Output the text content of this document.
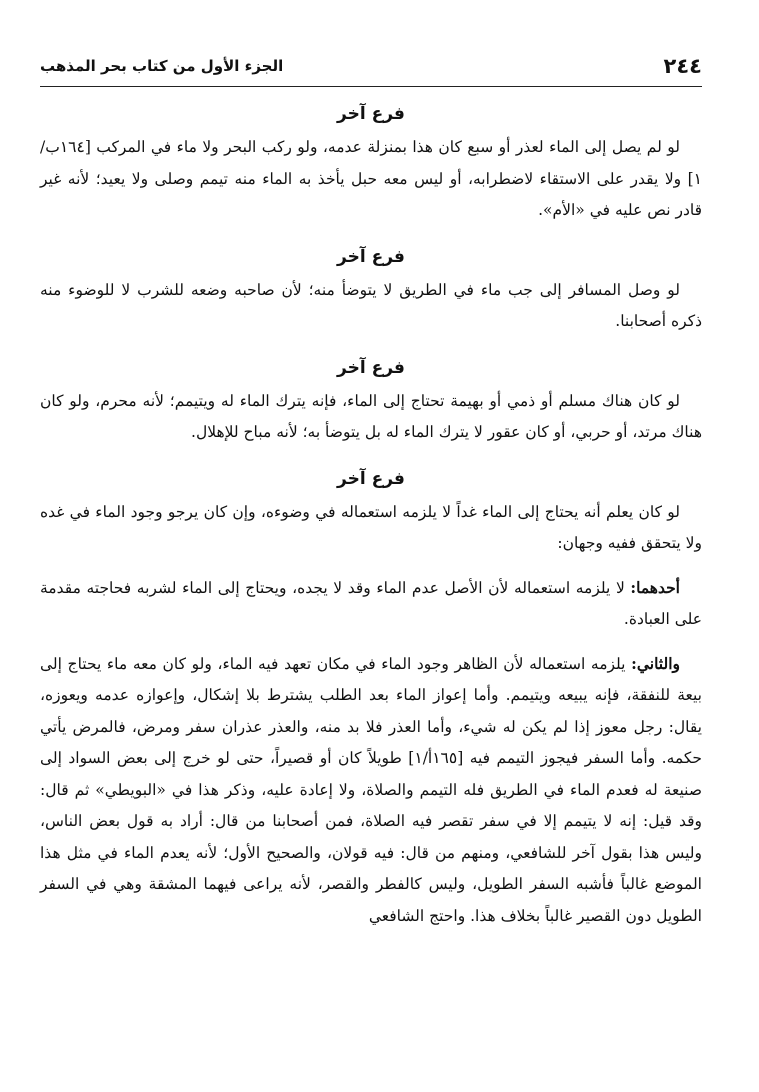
٢٤٤
الجزء الأول من كتاب بحر المذهب
فرع آخر

لو لم يصل إلى الماء لعذر أو سبع كان هذا بمنزلة عدمه، ولو ركب البحر ولا ماء في المركب [١٦٤ب/١] ولا يقدر على الاستقاء لاضطرابه، أو ليس معه حبل يأخذ به الماء منه تيمم وصلى ولا يعيد؛ لأنه غير قادر نص عليه في «الأم».

فرع آخر

لو وصل المسافر إلى جب ماء في الطريق لا يتوضأ منه؛ لأن صاحبه وضعه للشرب لا للوضوء منه ذكره أصحابنا.

فرع آخر

لو كان هناك مسلم أو ذمي أو بهيمة تحتاج إلى الماء، فإنه يترك الماء له ويتيمم؛ لأنه محرم، ولو كان هناك مرتد، أو حربي، أو كان عقور لا يترك الماء له بل يتوضأ به؛ لأنه مباح للإهلال.

فرع آخر

لو كان يعلم أنه يحتاج إلى الماء غداً لا يلزمه استعماله في وضوءه، وإن كان يرجو وجود الماء في غده ولا يتحقق ففيه وجهان:

أحدهما: لا يلزمه استعماله لأن الأصل عدم الماء وقد لا يجده، ويحتاج إلى الماء لشربه فحاجته مقدمة على العبادة.

والثاني: يلزمه استعماله لأن الظاهر وجود الماء في مكان تعهد فيه الماء، ولو كان معه ماء يحتاج إلى بيعة للنفقة، فإنه يبيعه ويتيمم. وأما إعواز الماء بعد الطلب يشترط بلا إشكال، وإعوازه عدمه ويعوزه، يقال: رجل معوز إذا لم يكن له شيء، وأما العذر فلا بد منه، والعذر عذران سفر ومرض، فالمرض يأتي حكمه. وأما السفر فيجوز التيمم فيه [١٦٥أ/١] طويلاً كان أو قصيراً، حتى لو خرج إلى بعض السواد إلى صنيعة له فعدم الماء في الطريق فله التيمم والصلاة، ولا إعادة عليه، وذكر هذا في «البويطي» ثم قال: وقد قيل: إنه لا يتيمم إلا في سفر تقصر فيه الصلاة، فمن أصحابنا من قال: أراد به قول بعض الناس، وليس هذا بقول آخر للشافعي، ومنهم من قال: فيه قولان، والصحيح الأول؛ لأنه يعدم الماء في مثل هذا الموضع غالباً فأشبه السفر الطويل، وليس كالفطر والقصر، لأنه يراعى فيهما المشقة وهي في السفر الطويل دون القصير غالباً بخلاف هذا. واحتج الشافعي
